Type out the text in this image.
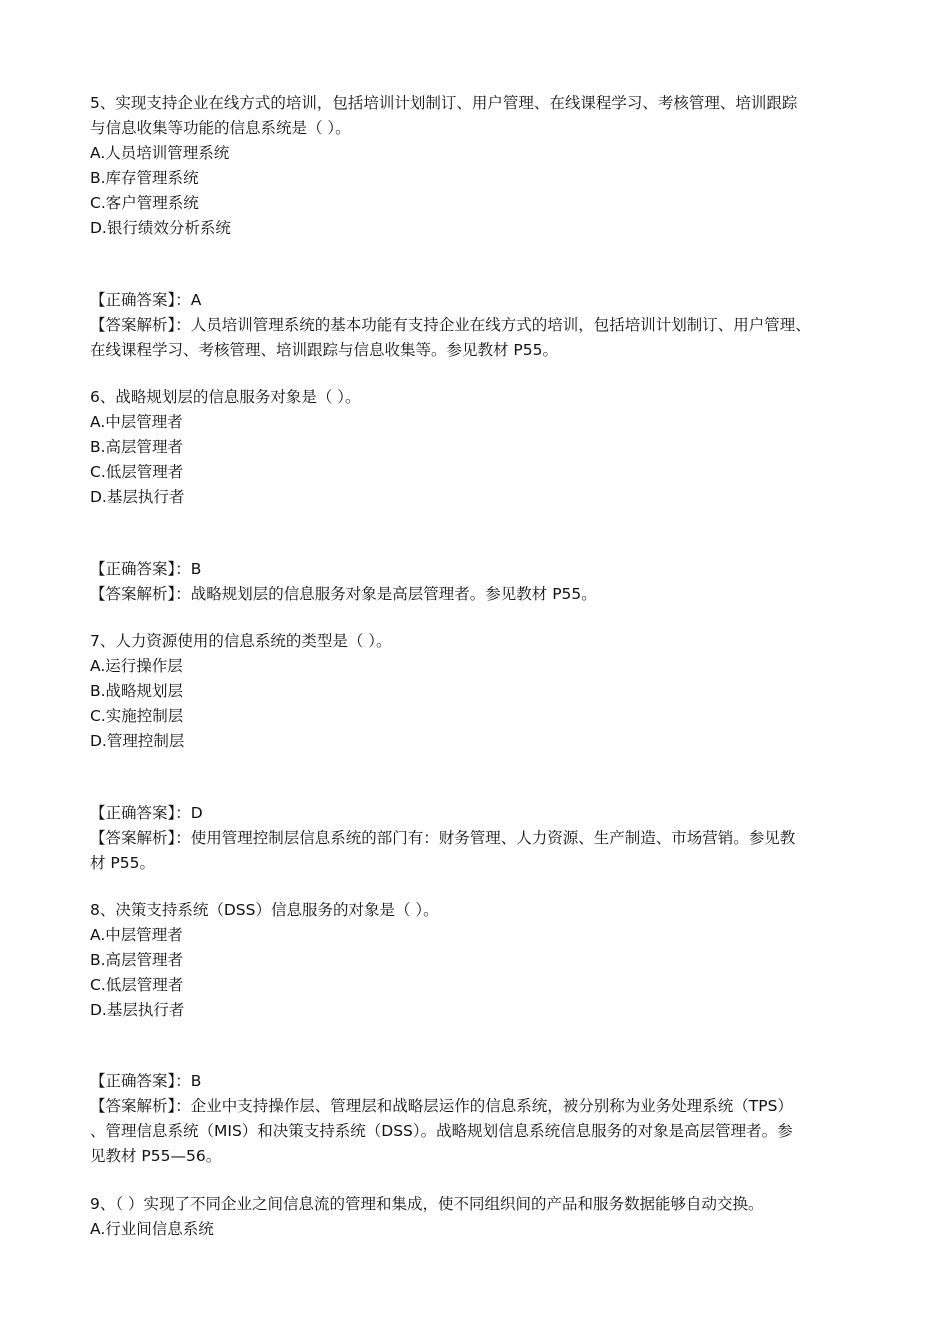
5、实现支持企业在线方式的培训，包括培训计划制订、用户管理、在线课程学习、考核管理、培训跟踪
与信息收集等功能的信息系统是（ ）。
A.人员培训管理系统
B.库存管理系统
C.客户管理系统
D.银行绩效分析系统
【正确答案】：A
【答案解析】：人员培训管理系统的基本功能有支持企业在线方式的培训，包括培训计划制订、用户管理、
在线课程学习、考核管理、培训跟踪与信息收集等。参见教材 P55。
6、战略规划层的信息服务对象是（ ）。
A.中层管理者
B.高层管理者
C.低层管理者
D.基层执行者
【正确答案】：B
【答案解析】：战略规划层的信息服务对象是高层管理者。参见教材 P55。
7、人力资源使用的信息系统的类型是（ ）。
A.运行操作层
B.战略规划层
C.实施控制层
D.管理控制层
【正确答案】：D
【答案解析】：使用管理控制层信息系统的部门有：财务管理、人力资源、生产制造、市场营销。参见教
材 P55。
8、决策支持系统（DSS）信息服务的对象是（ ）。
A.中层管理者
B.高层管理者
C.低层管理者
D.基层执行者
【正确答案】：B
【答案解析】：企业中支持操作层、管理层和战略层运作的信息系统，被分别称为业务处理系统（TPS）
、管理信息系统（MIS）和决策支持系统（DSS）。战略规划信息系统信息服务的对象是高层管理者。参
见教材 P55—56。
9、（ ）实现了不同企业之间信息流的管理和集成，使不同组织间的产品和服务数据能够自动交换。
A.行业间信息系统
